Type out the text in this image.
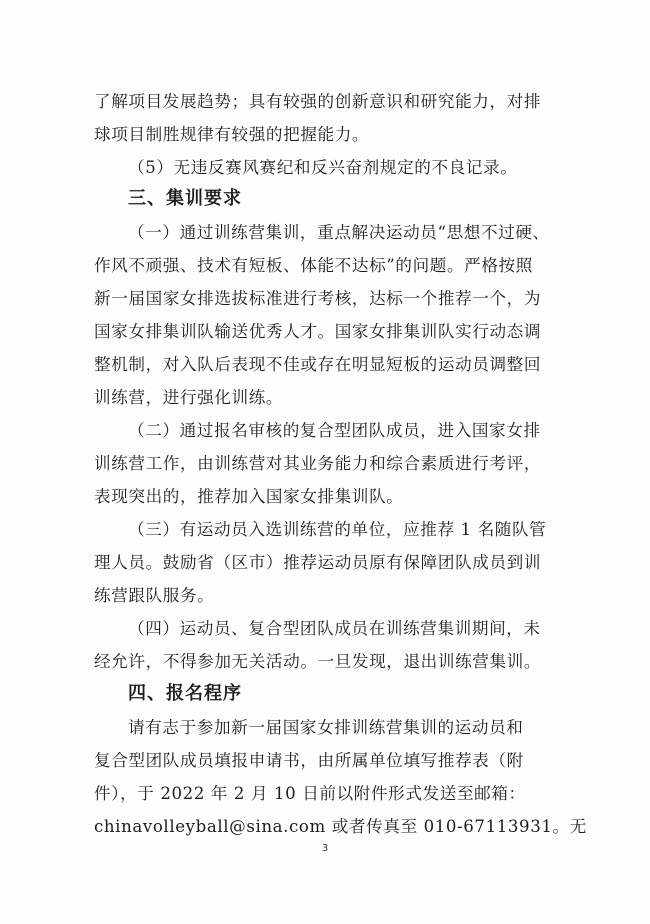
了解项目发展趋势；具有较强的创新意识和研究能力，对排
球项目制胜规律有较强的把握能力。
（5）无违反赛风赛纪和反兴奋剂规定的不良记录。
三、集训要求
（一）通过训练营集训，重点解决运动员“思想不过硬、
作风不顽强、技术有短板、体能不达标”的问题。严格按照
新一届国家女排选拔标准进行考核，达标一个推荐一个，为
国家女排集训队输送优秀人才。国家女排集训队实行动态调
整机制，对入队后表现不佳或存在明显短板的运动员调整回
训练营，进行强化训练。
（二）通过报名审核的复合型团队成员，进入国家女排
训练营工作，由训练营对其业务能力和综合素质进行考评，
表现突出的，推荐加入国家女排集训队。
（三）有运动员入选训练营的单位，应推荐 1 名随队管
理人员。鼓励省（区市）推荐运动员原有保障团队成员到训
练营跟队服务。
（四）运动员、复合型团队成员在训练营集训期间，未
经允许，不得参加无关活动。一旦发现，退出训练营集训。
四、报名程序
请有志于参加新一届国家女排训练营集训的运动员和
复合型团队成员填报申请书，由所属单位填写推荐表（附
件），于 2022 年 2 月 10 日前以附件形式发送至邮箱：
chinavolleyball@sina.com 或者传真至 010-67113931。无
3
